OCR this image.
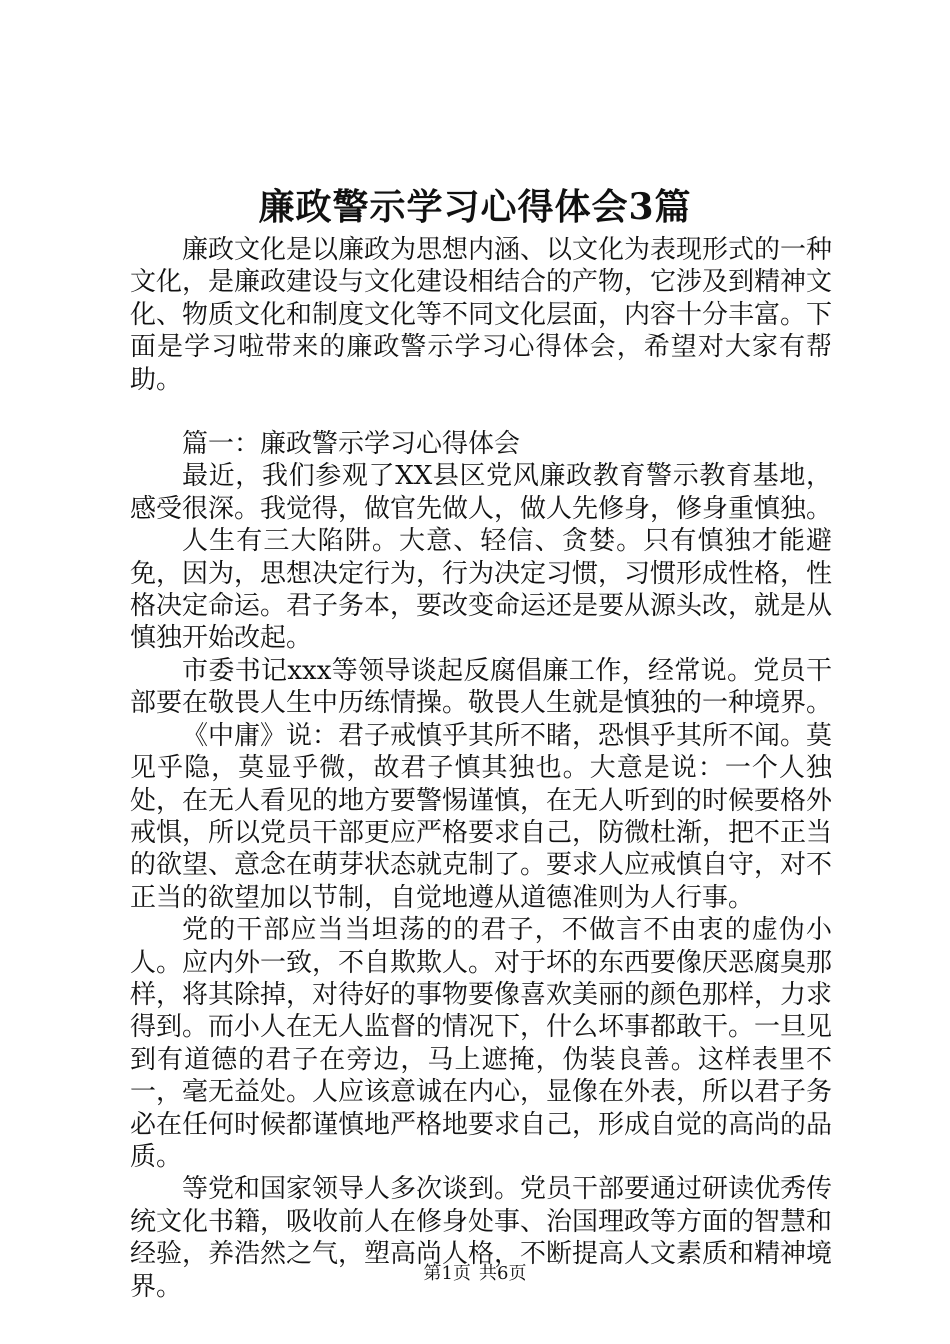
廉政警示学习心得体会3篇

廉政文化是以廉政为思想内涵、以文化为表现形式的一种文化，是廉政建设与文化建设相结合的产物，它涉及到精神文化、物质文化和制度文化等不同文化层面，内容十分丰富。下面是学习啦带来的廉政警示学习心得体会，希望对大家有帮助。

篇一：廉政警示学习心得体会

最近，我们参观了XX县区党风廉政教育警示教育基地，感受很深。我觉得，做官先做人，做人先修身，修身重慎独。

人生有三大陷阱。大意、轻信、贪婪。只有慎独才能避免，因为，思想决定行为，行为决定习惯，习惯形成性格，性格决定命运。君子务本，要改变命运还是要从源头改，就是从慎独开始改起。

市委书记xxx等领导谈起反腐倡廉工作，经常说。党员干部要在敬畏人生中历练情操。敬畏人生就是慎独的一种境界。

《中庸》说：君子戒慎乎其所不睹，恐惧乎其所不闻。莫见乎隐，莫显乎微，故君子慎其独也。大意是说：一个人独处，在无人看见的地方要警惕谨慎，在无人听到的时候要格外戒惧，所以党员干部更应严格要求自己，防微杜渐，把不正当的欲望、意念在萌芽状态就克制了。要求人应戒慎自守，对不正当的欲望加以节制，自觉地遵从道德准则为人行事。

党的干部应当当坦荡的的君子，不做言不由衷的虚伪小人。应内外一致，不自欺欺人。对于坏的东西要像厌恶腐臭那样，将其除掉，对待好的事物要像喜欢美丽的颜色那样，力求得到。而小人在无人监督的情况下，什么坏事都敢干。一旦见到有道德的君子在旁边，马上遮掩，伪装良善。这样表里不一，毫无益处。人应该意诚在内心，显像在外表，所以君子务必在任何时候都谨慎地严格地要求自己，形成自觉的高尚的品质。

等党和国家领导人多次谈到。党员干部要通过研读优秀传统文化书籍，吸收前人在修身处事、治国理政等方面的智慧和经验，养浩然之气，塑高尚人格，不断提高人文素质和精神境界。	第1页 共6页
